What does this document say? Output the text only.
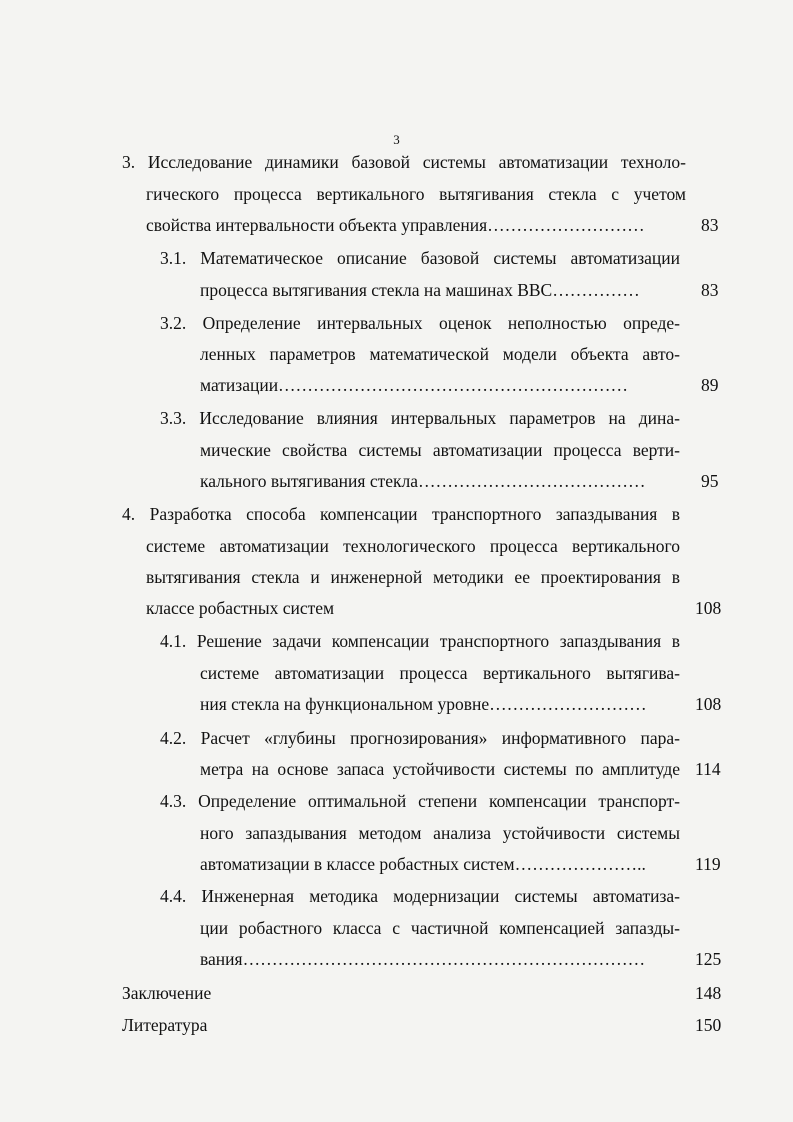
3
3. Исследование динамики базовой системы автоматизации техноло-
гического процесса вертикального вытягивания стекла с учетом
свойства интервальности объекта управления………………………	83
3.1. Математическое описание базовой системы автоматизации
процесса вытягивания стекла на машинах ВВС……………	83
3.2. Определение интервальных оценок неполностью опреде-
ленных параметров математической модели объекта авто-
матизации……………………………………………………	89
3.3. Исследование влияния интервальных параметров на дина-
мические свойства системы автоматизации процесса верти-
кального вытягивания стекла…………………………………	95
4. Разработка способа компенсации транспортного запаздывания в
системе автоматизации технологического процесса вертикального
вытягивания стекла и инженерной методики ее проектирования в
классе робастных систем	108
4.1. Решение задачи компенсации транспортного запаздывания в
системе автоматизации процесса вертикального вытягива-
ния стекла на функциональном уровне………………………	108
4.2. Расчет «глубины прогнозирования» информативного пара-
метра на основе запаса устойчивости системы по амплитуде 114
4.3. Определение оптимальной степени компенсации транспорт-
ного запаздывания методом анализа устойчивости системы
автоматизации в классе робастных систем…………………..	119
4.4. Инженерная методика модернизации системы автоматиза-
ции робастного класса с частичной компенсацией запазды-
вания……………………………………………………………	125
Заключение	148
Литература	150
